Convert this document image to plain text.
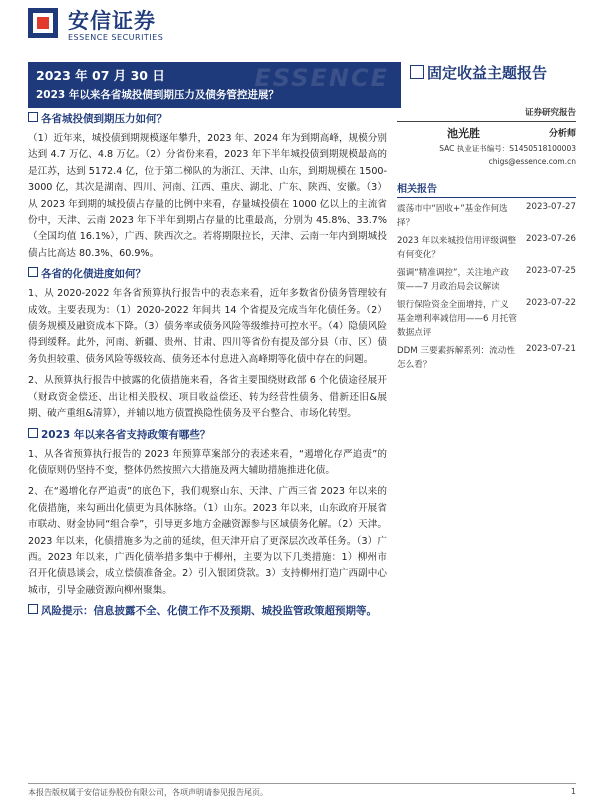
安信证券
ESSENCE SECURITIES
ESSENCE
2023 年 07 月 30 日
2023 年以来各省城投债到期压力及债务管控进展？
固定收益主题报告
各省城投债到期压力如何？
（1）近年来，城投债到期规模逐年攀升，2023 年、2024 年为到期高峰，规模分别达到 4.7 万亿、4.8 万亿。（2）分省份来看，2023 年下半年城投债到期规模最高的是江苏，达到 5172.4 亿，位于第二梯队的为浙江、天津、山东，到期规模在 1500-3000 亿，其次是湖南、四川、河南、江西、重庆、湖北、广东、陕西、安徽。（3）从 2023 年到期的城投债占存量的比例中来看，存量城投债在 1000 亿以上的主流省份中，天津、云南 2023 年下半年到期占存量的比重最高，分别为 45.8%、33.7%（全国均值 16.1%），广西、陕西次之。若将期限拉长，天津、云南一年内到期城投债占比高达 80.3%、60.9%。
各省的化债进度如何？
1、从 2020-2022 年各省预算执行报告中的表态来看，近年多数省份债务管理较有成效。主要表现为：（1）2020-2022 年间共 14 个省提及完成当年化债任务。（2）债务规模及融资成本下降。（3）债务率或债务风险等级维持可控水平。（4）隐债风险得到缓释。此外，河南、新疆、贵州、甘肃、四川等省份有提及部分县（市、区）债务负担较重、债务风险等级较高、债务还本付息进入高峰期等化债中存在的问题。
2、从预算执行报告中披露的化债措施来看，各省主要围绕财政部 6 个化债途径展开（财政资金偿还、出让相关股权、项目收益偿还、转为经营性债务、借新还旧&展期、破产重组&清算），并辅以地方债置换隐性债务及平台整合、市场化转型。
2023 年以来各省支持政策有哪些？
1、从各省预算执行报告的 2023 年预算草案部分的表述来看，“遏增化存严追责”的化债原则仍坚持不变，整体仍然按照六大措施及两大辅助措施推进化债。
2、在“遏增化存严追责”的底色下，我们观察山东、天津、广西三省 2023 年以来的化债措施，来勾画出化债更为具体脉络。（1）山东。2023 年以来，山东政府开展省市联动、财金协同“组合拳”，引导更多地方金融资源参与区域债务化解。（2）天津。2023 年以来，化债措施多为之前的延续，但天津开启了更深层次改革任务。（3）广西。2023 年以来，广西化债举措多集中于柳州，主要为以下几类措施：1）柳州市召开化债恳谈会，成立偿债准备金。2）引入银团贷款。3）支持柳州打造广西副中心城市，引导金融资源向柳州聚集。
风险提示：信息披露不全、化债工作不及预期、城投监管政策超预期等。
证券研究报告
池光胜	分析师
SAC 执业证书编号：S1450518100003
chigs@essence.com.cn
相关报告
震荡市中“固收+”基金作何选择？
2023-07-27
2023 年以来城投信用评级调整有何变化？
2023-07-26
强调“精准调控”，关注地产政策——7 月政治局会议解读
2023-07-25
银行保险资金全面增持，广义基金增利率减信用——6 月托管数据点评
2023-07-22
DDM 三要素拆解系列：流动性怎么看？
2023-07-21
本报告版权属于安信证券股份有限公司，各项声明请参见报告尾页。	1
